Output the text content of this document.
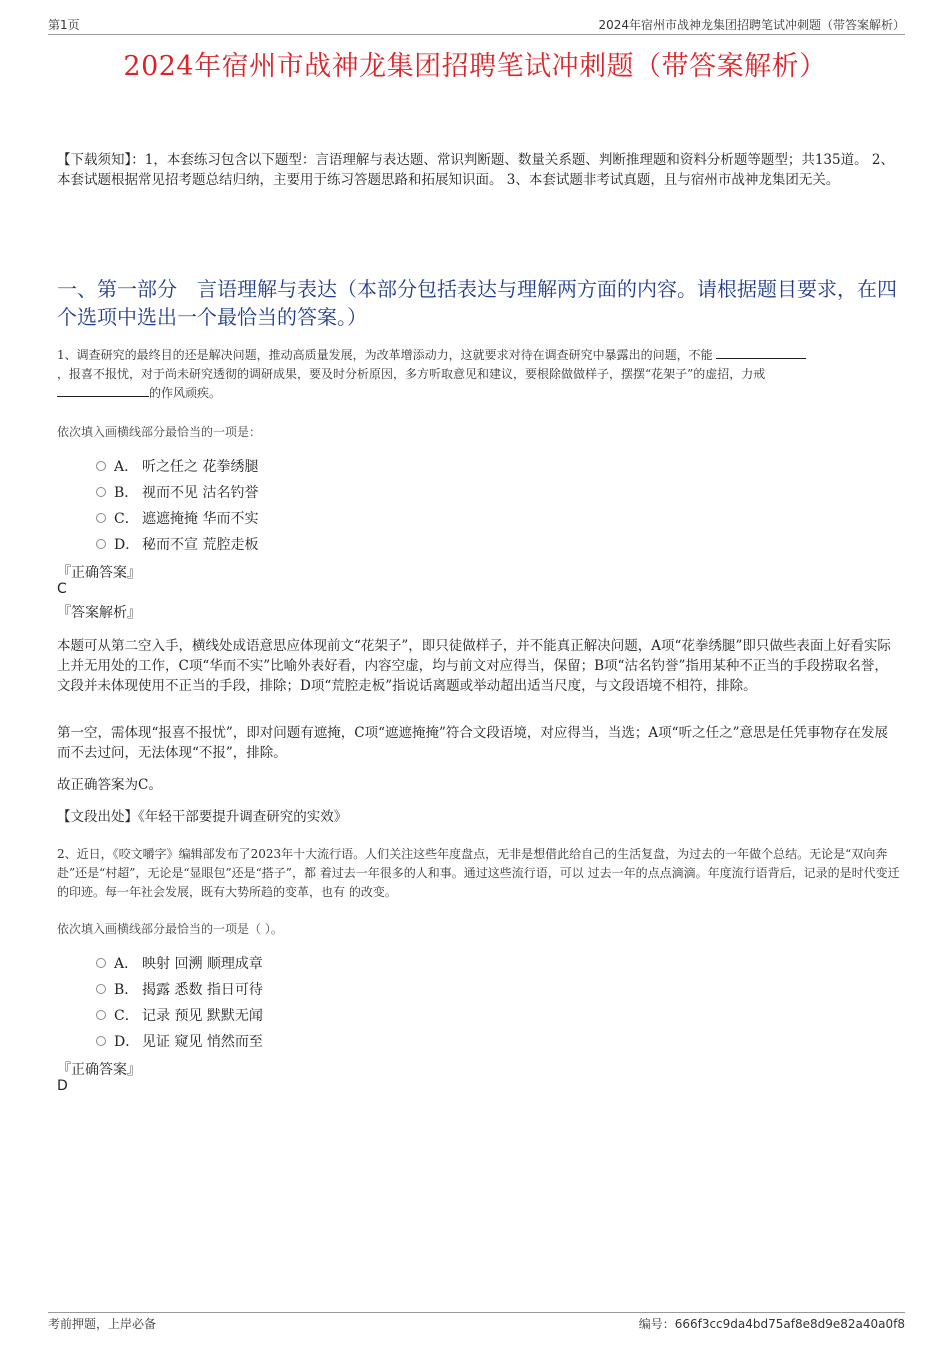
第1页	2024年宿州市战神龙集团招聘笔试冲刺题（带答案解析）
2024年宿州市战神龙集团招聘笔试冲刺题（带答案解析）
【下载须知】：1，本套练习包含以下题型：言语理解与表达题、常识判断题、数量关系题、判断推理题和资料分析题等题型；共135道。 2、本套试题根据常见招考题总结归纳，主要用于练习答题思路和拓展知识面。 3、本套试题非考试真题，且与宿州市战神龙集团无关。
一、第一部分　言语理解与表达（本部分包括表达与理解两方面的内容。请根据题目要求，在四个选项中选出一个最恰当的答案。）
1、调查研究的最终目的还是解决问题，推动高质量发展，为改革增添动力，这就要求对待在调查研究中暴露出的问题，不能
，报喜不报忧，对于尚未研究透彻的调研成果，要及时分析原因，多方听取意见和建议，要根除做做样子，摆摆“花架子”的虚招，力戒
的作风顽疾。
依次填入画横线部分最恰当的一项是：
A． 听之任之 花拳绣腿
B． 视而不见 沽名钓誉
C． 遮遮掩掩 华而不实
D． 秘而不宣 荒腔走板
『正确答案』
C
『答案解析』
本题可从第二空入手，横线处成语意思应体现前文“花架子”，即只徒做样子，并不能真正解决问题，A项“花拳绣腿”即只做些表面上好看实际上并无用处的工作，C项“华而不实”比喻外表好看，内容空虚，均与前文对应得当，保留；B项“沽名钓誉”指用某种不正当的手段捞取名誉，文段并未体现使用不正当的手段，排除；D项“荒腔走板”指说话离题或举动超出适当尺度，与文段语境不相符，排除。
第一空，需体现“报喜不报忧”，即对问题有遮掩，C项“遮遮掩掩”符合文段语境，对应得当，当选；A项“听之任之”意思是任凭事物存在发展而不去过问，无法体现“不报”，排除。
故正确答案为C。
【文段出处】《年轻干部要提升调查研究的实效》
2、近日，《咬文嚼字》编辑部发布了2023年十大流行语。人们关注这些年度盘点，无非是想借此给自己的生活复盘，为过去的一年做个总结。无论是“双向奔赴”还是“村超”，无论是“显眼包”还是“搭子”，都 着过去一年很多的人和事。通过这些流行语，可以 过去一年的点点滴滴。年度流行语背后，记录的是时代变迁的印迹。每一年社会发展，既有大势所趋的变革，也有 的改变。
依次填入画横线部分最恰当的一项是（ ）。
A． 映射 回溯 顺理成章
B． 揭露 悉数 指日可待
C． 记录 预见 默默无闻
D． 见证 窥见 悄然而至
『正确答案』
D
考前押题，上岸必备	编号：666f3cc9da4bd75af8e8d9e82a40a0f8
